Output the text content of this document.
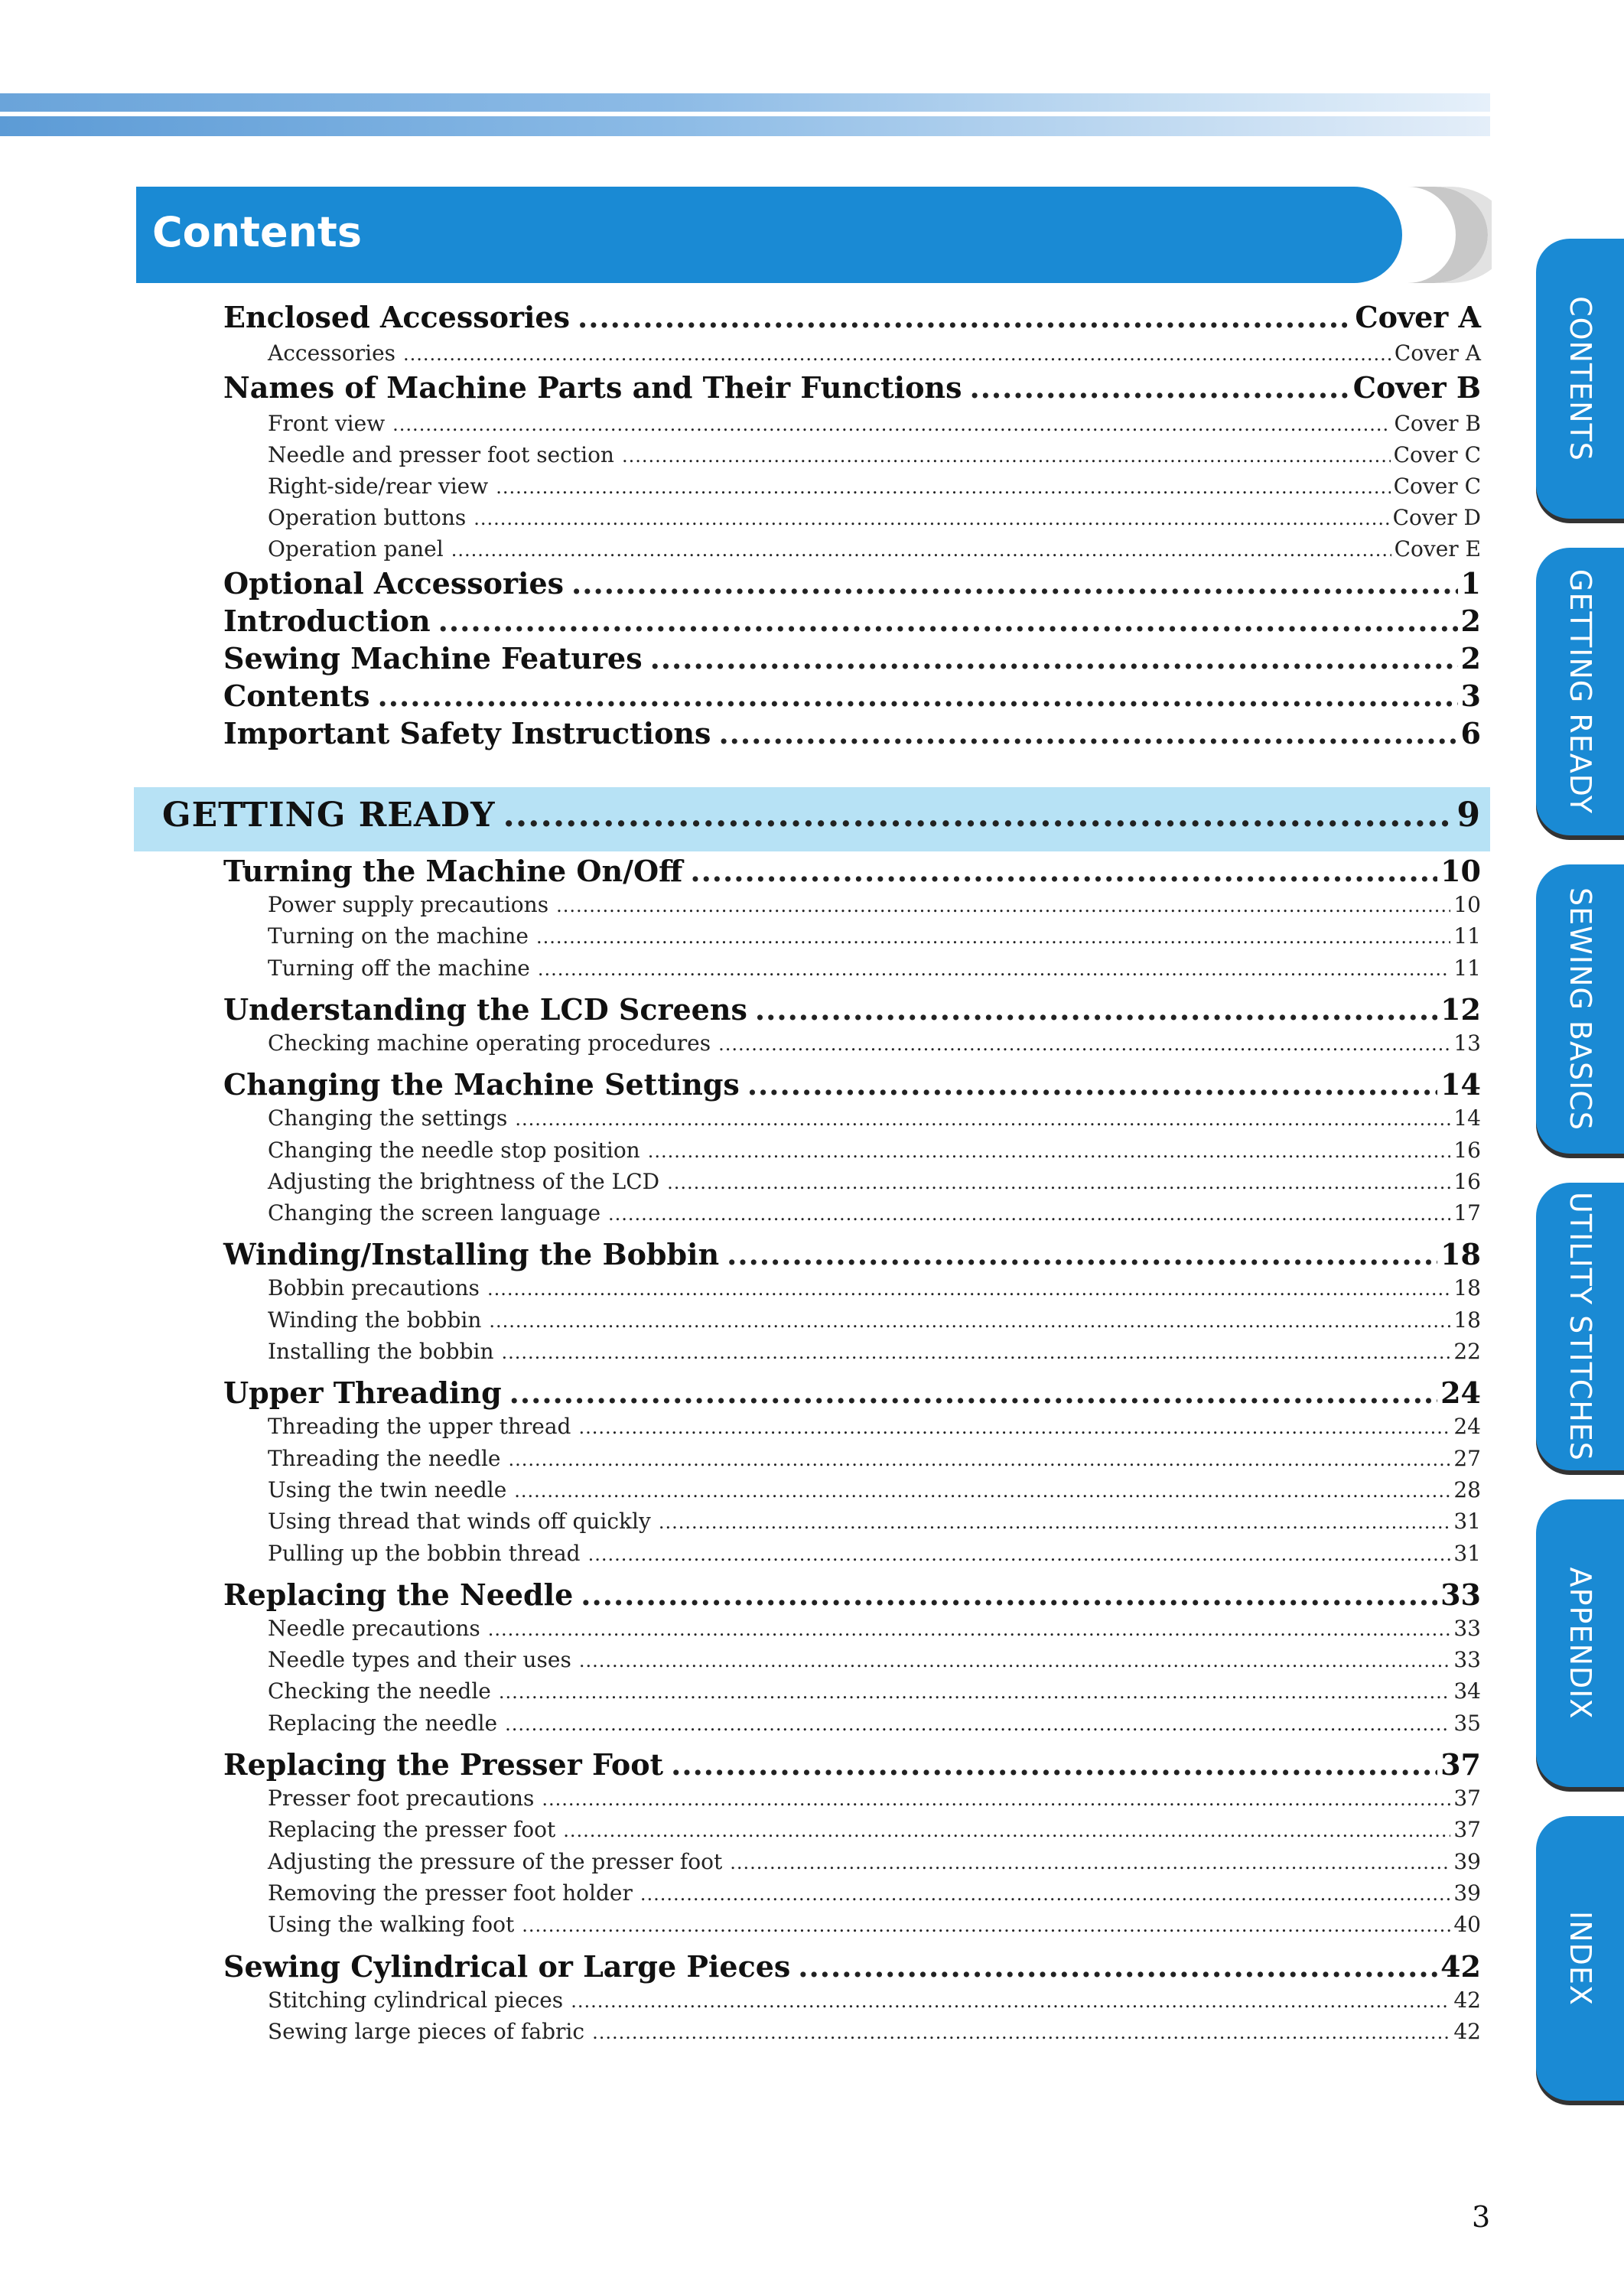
Contents
Enclosed Accessories .....	Cover A
Accessories .....	Cover A
Names of Machine Parts and Their Functions .....	Cover B
Front view .....	Cover B
Needle and presser foot section .....	Cover C
Right-side/rear view .....	Cover C
Operation buttons .....	Cover D
Operation panel .....	Cover E
Optional Accessories .....	1
Introduction .....	2
Sewing Machine Features .....	2
Contents .....	3
Important Safety Instructions .....	6
GETTING READY .....	9
Turning the Machine On/Off .....	10
Power supply precautions .....	10
Turning on the machine .....	11
Turning off the machine .....	11
Understanding the LCD Screens .....	12
Checking machine operating procedures .....	13
Changing the Machine Settings .....	14
Changing the settings .....	14
Changing the needle stop position .....	16
Adjusting the brightness of the LCD .....	16
Changing the screen language .....	17
Winding/Installing the Bobbin .....	18
Bobbin precautions .....	18
Winding the bobbin .....	18
Installing the bobbin .....	22
Upper Threading .....	24
Threading the upper thread .....	24
Threading the needle .....	27
Using the twin needle .....	28
Using thread that winds off quickly .....	31
Pulling up the bobbin thread .....	31
Replacing the Needle .....	33
Needle precautions .....	33
Needle types and their uses .....	33
Checking the needle .....	34
Replacing the needle .....	35
Replacing the Presser Foot .....	37
Presser foot precautions .....	37
Replacing the presser foot .....	37
Adjusting the pressure of the presser foot .....	39
Removing the presser foot holder .....	39
Using the walking foot .....	40
Sewing Cylindrical or Large Pieces .....	42
Stitching cylindrical pieces .....	42
Sewing large pieces of fabric .....	42
CONTENTS
GETTING READY
SEWING BASICS
UTILITY STITCHES
APPENDIX
INDEX
3
